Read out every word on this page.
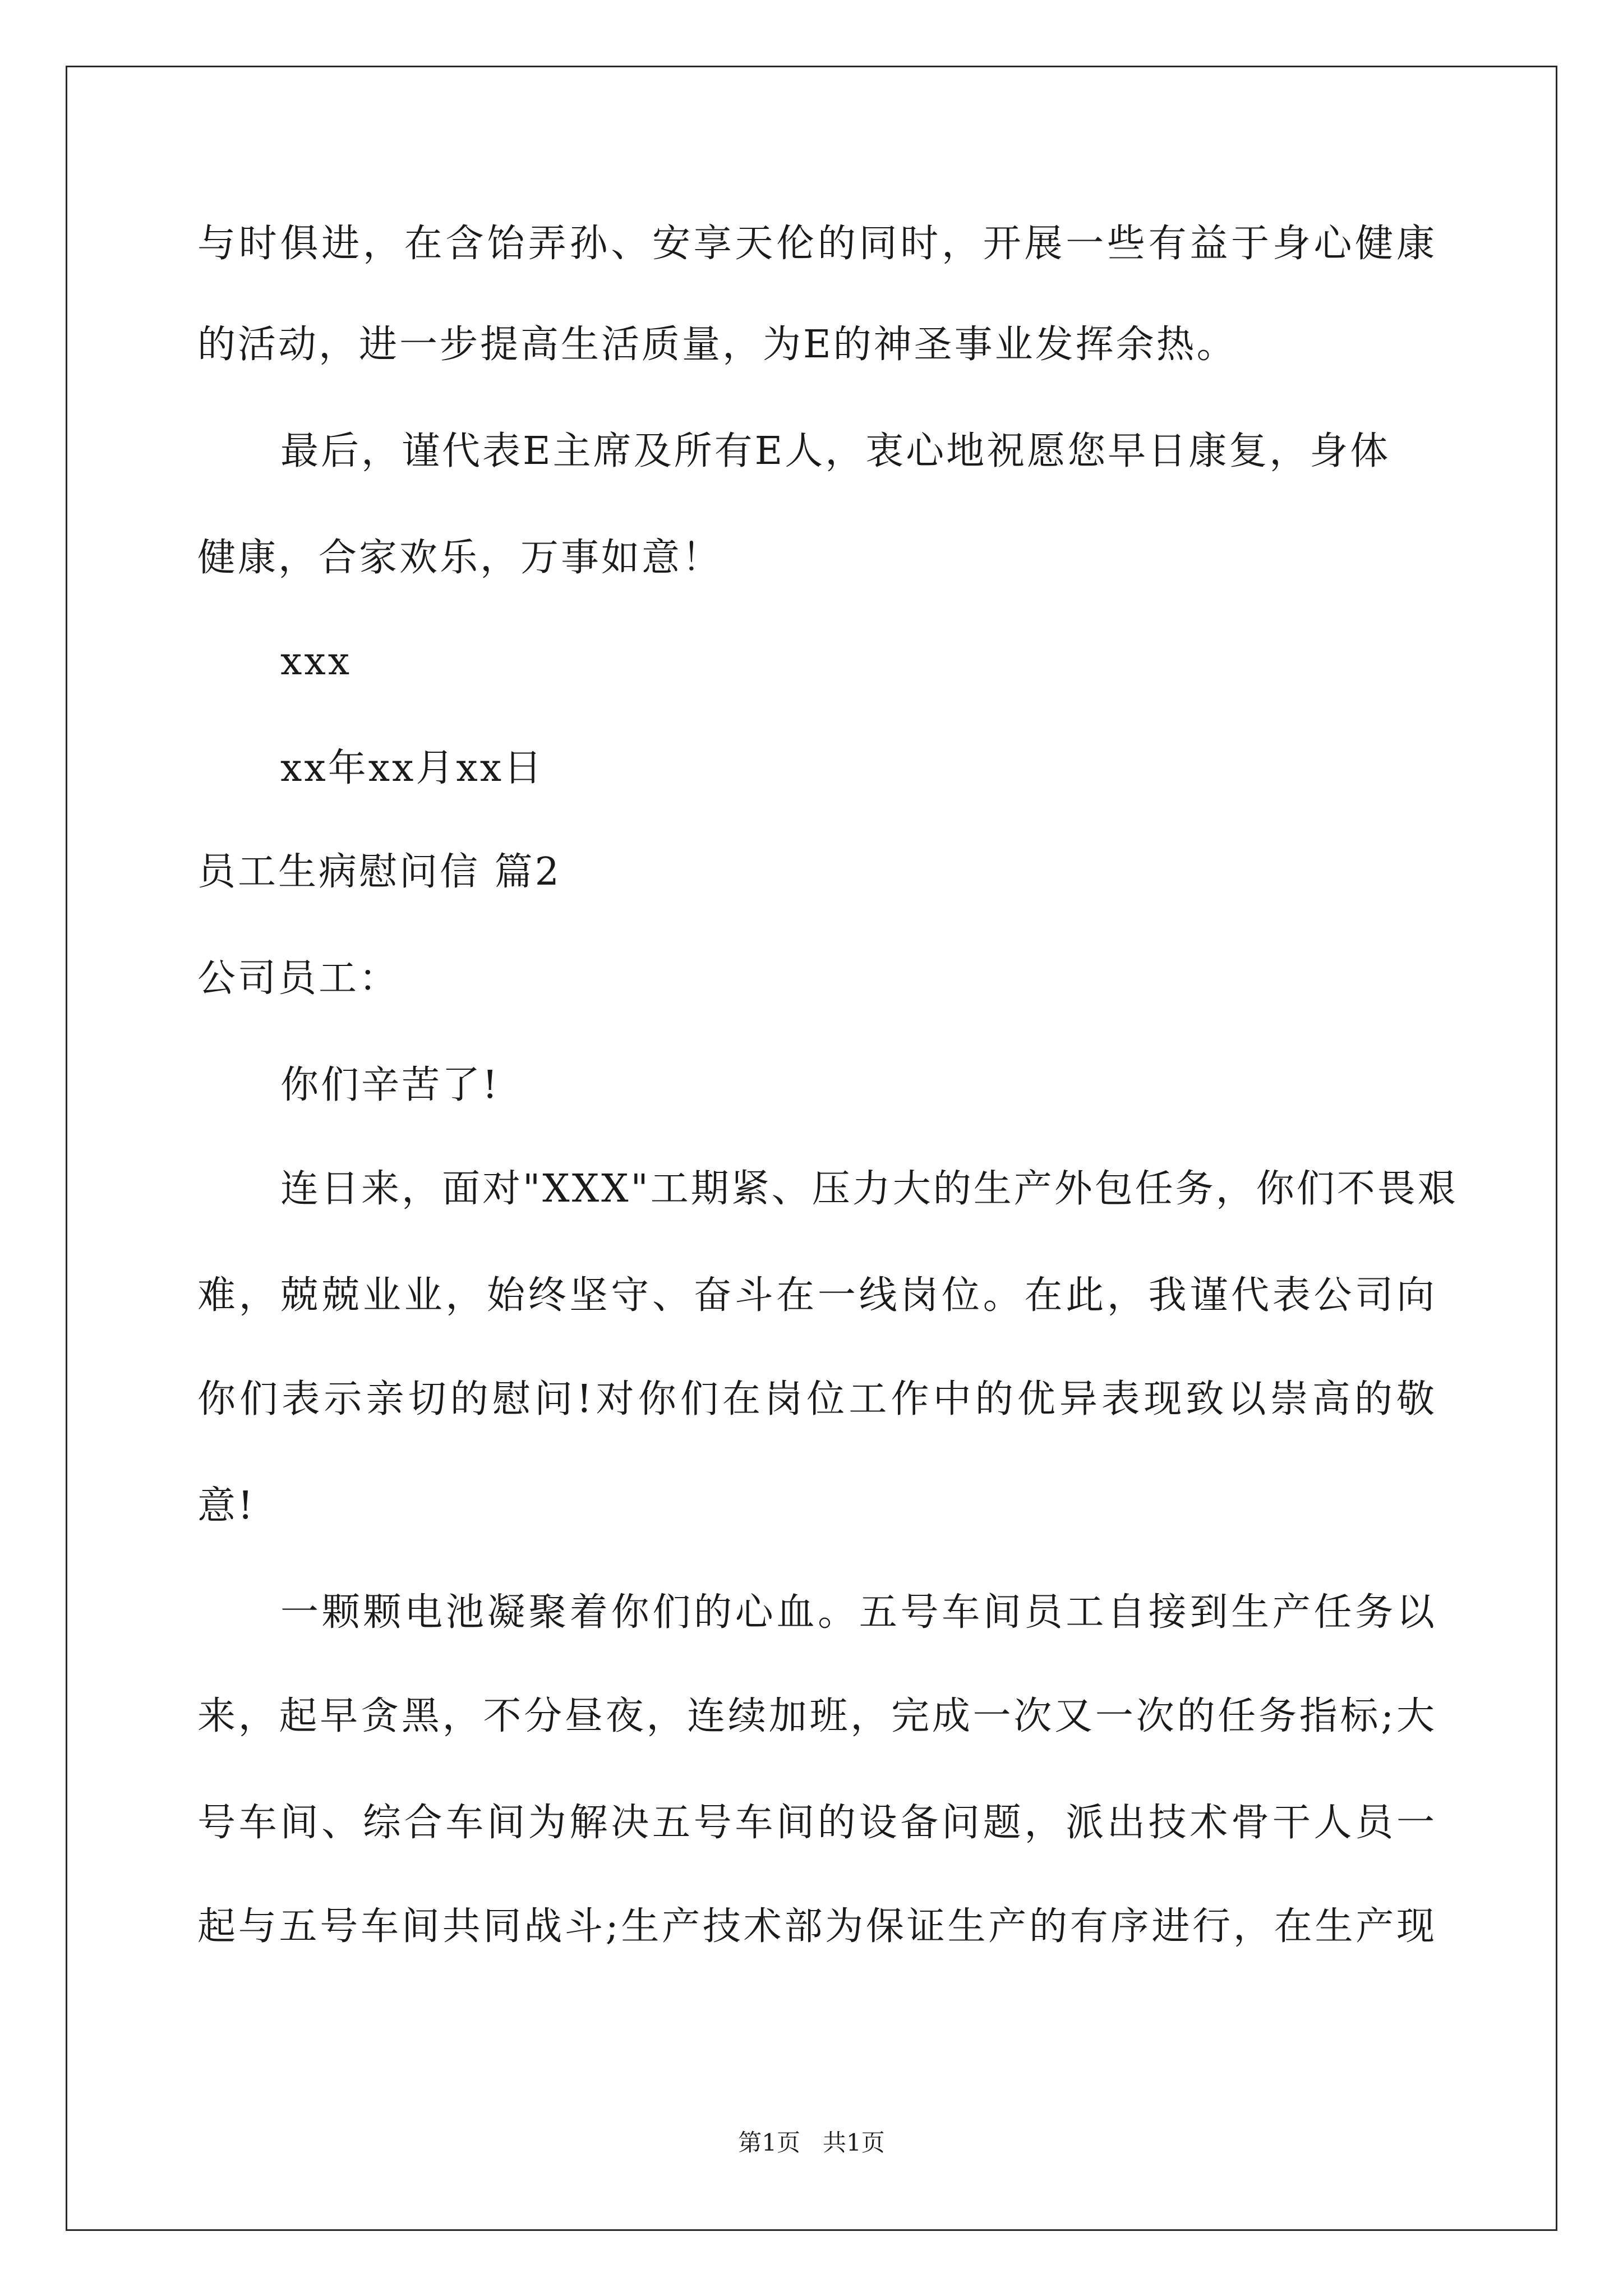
与时俱进，在含饴弄孙、安享天伦的同时，开展一些有益于身心健康
的活动，进一步提高生活质量，为E的神圣事业发挥余热。
最后，谨代表E主席及所有E人，衷心地祝愿您早日康复，身体
健康，合家欢乐，万事如意！
xxx
xx年xx月xx日
员工生病慰问信 篇2
公司员工：
你们辛苦了!
连日来，面对"XXX"工期紧、压力大的生产外包任务，你们不畏艰
难，兢兢业业，始终坚守、奋斗在一线岗位。在此，我谨代表公司向
你们表示亲切的慰问!对你们在岗位工作中的优异表现致以崇高的敬
意!
一颗颗电池凝聚着你们的心血。五号车间员工自接到生产任务以
来，起早贪黑，不分昼夜，连续加班，完成一次又一次的任务指标;大
号车间、综合车间为解决五号车间的设备问题，派出技术骨干人员一
起与五号车间共同战斗;生产技术部为保证生产的有序进行，在生产现
第1页 共1页
